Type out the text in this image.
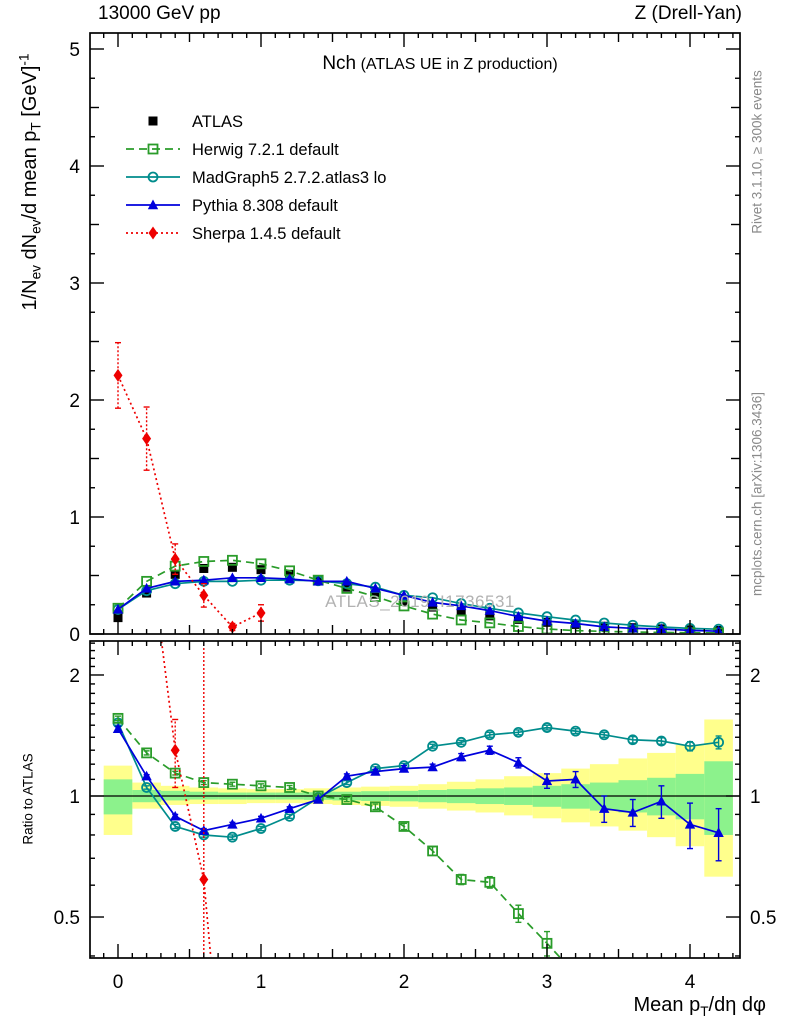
13000 GeV pp	Z (Drell-Yan)
Nch (ATLAS UE in Z production)
$1/N_{ev}$ $dN_{ev}/d$ mean $p_T$ [GeV]$^{-1}$
Ratio to ATLAS
Rivet 3.1.10, ≥ 300k events
mcplots.cern.ch [arXiv:1306.3436]
ATLAS_2019_I1736531
Mean $p_T/d\eta$ dφ
0
1
2
3
4
5
0.5	0.5
1	1
2	2
0	1	2	3	4
ATLAS
Herwig 7.2.1 default
MadGraph5 2.7.2.atlas3 lo
Pythia 8.308 default
Sherpa 1.4.5 default
